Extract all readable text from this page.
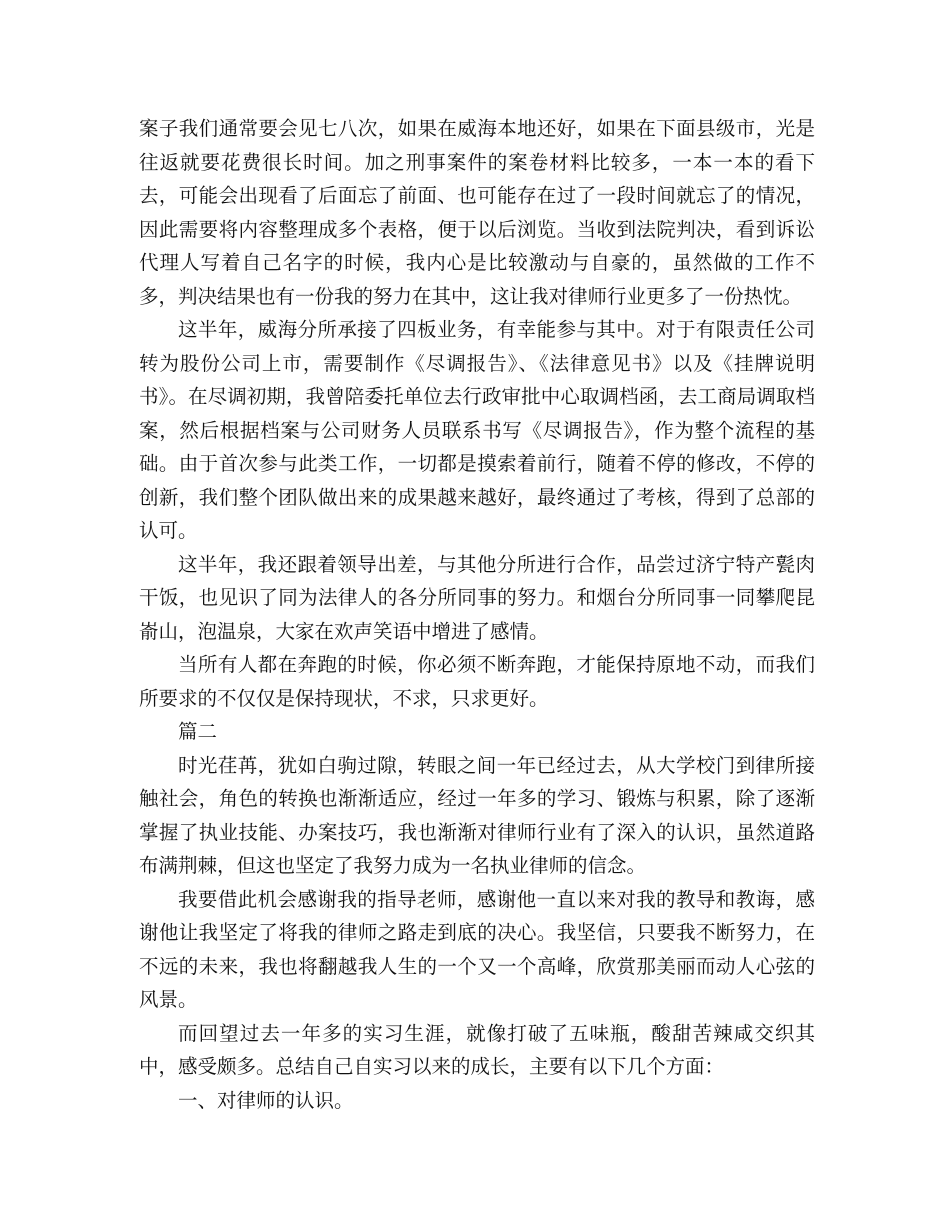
案子我们通常要会见七八次，如果在威海本地还好，如果在下面县级市，光是往返就要花费很长时间。加之刑事案件的案卷材料比较多，一本一本的看下去，可能会出现看了后面忘了前面、也可能存在过了一段时间就忘了的情况，因此需要将内容整理成多个表格，便于以后浏览。当收到法院判决，看到诉讼代理人写着自己名字的时候，我内心是比较激动与自豪的，虽然做的工作不多，判决结果也有一份我的努力在其中，这让我对律师行业更多了一份热忱。

这半年，威海分所承接了四板业务，有幸能参与其中。对于有限责任公司转为股份公司上市，需要制作《尽调报告》、《法律意见书》以及《挂牌说明书》。在尽调初期，我曾陪委托单位去行政审批中心取调档函，去工商局调取档案，然后根据档案与公司财务人员联系书写《尽调报告》，作为整个流程的基础。由于首次参与此类工作，一切都是摸索着前行，随着不停的修改，不停的创新，我们整个团队做出来的成果越来越好，最终通过了考核，得到了总部的认可。

这半年，我还跟着领导出差，与其他分所进行合作，品尝过济宁特产甏肉干饭，也见识了同为法律人的各分所同事的努力。和烟台分所同事一同攀爬昆嵛山，泡温泉，大家在欢声笑语中增进了感情。

当所有人都在奔跑的时候，你必须不断奔跑，才能保持原地不动，而我们所要求的不仅仅是保持现状，不求，只求更好。

篇二

时光荏苒，犹如白驹过隙，转眼之间一年已经过去，从大学校门到律所接触社会，角色的转换也渐渐适应，经过一年多的学习、锻炼与积累，除了逐渐掌握了执业技能、办案技巧，我也渐渐对律师行业有了深入的认识，虽然道路布满荆棘，但这也坚定了我努力成为一名执业律师的信念。

我要借此机会感谢我的指导老师，感谢他一直以来对我的教导和教诲，感谢他让我坚定了将我的律师之路走到底的决心。我坚信，只要我不断努力，在不远的未来，我也将翻越我人生的一个又一个高峰，欣赏那美丽而动人心弦的风景。

而回望过去一年多的实习生涯，就像打破了五味瓶，酸甜苦辣咸交织其中，感受颇多。总结自己自实习以来的成长，主要有以下几个方面：

一、对律师的认识。
